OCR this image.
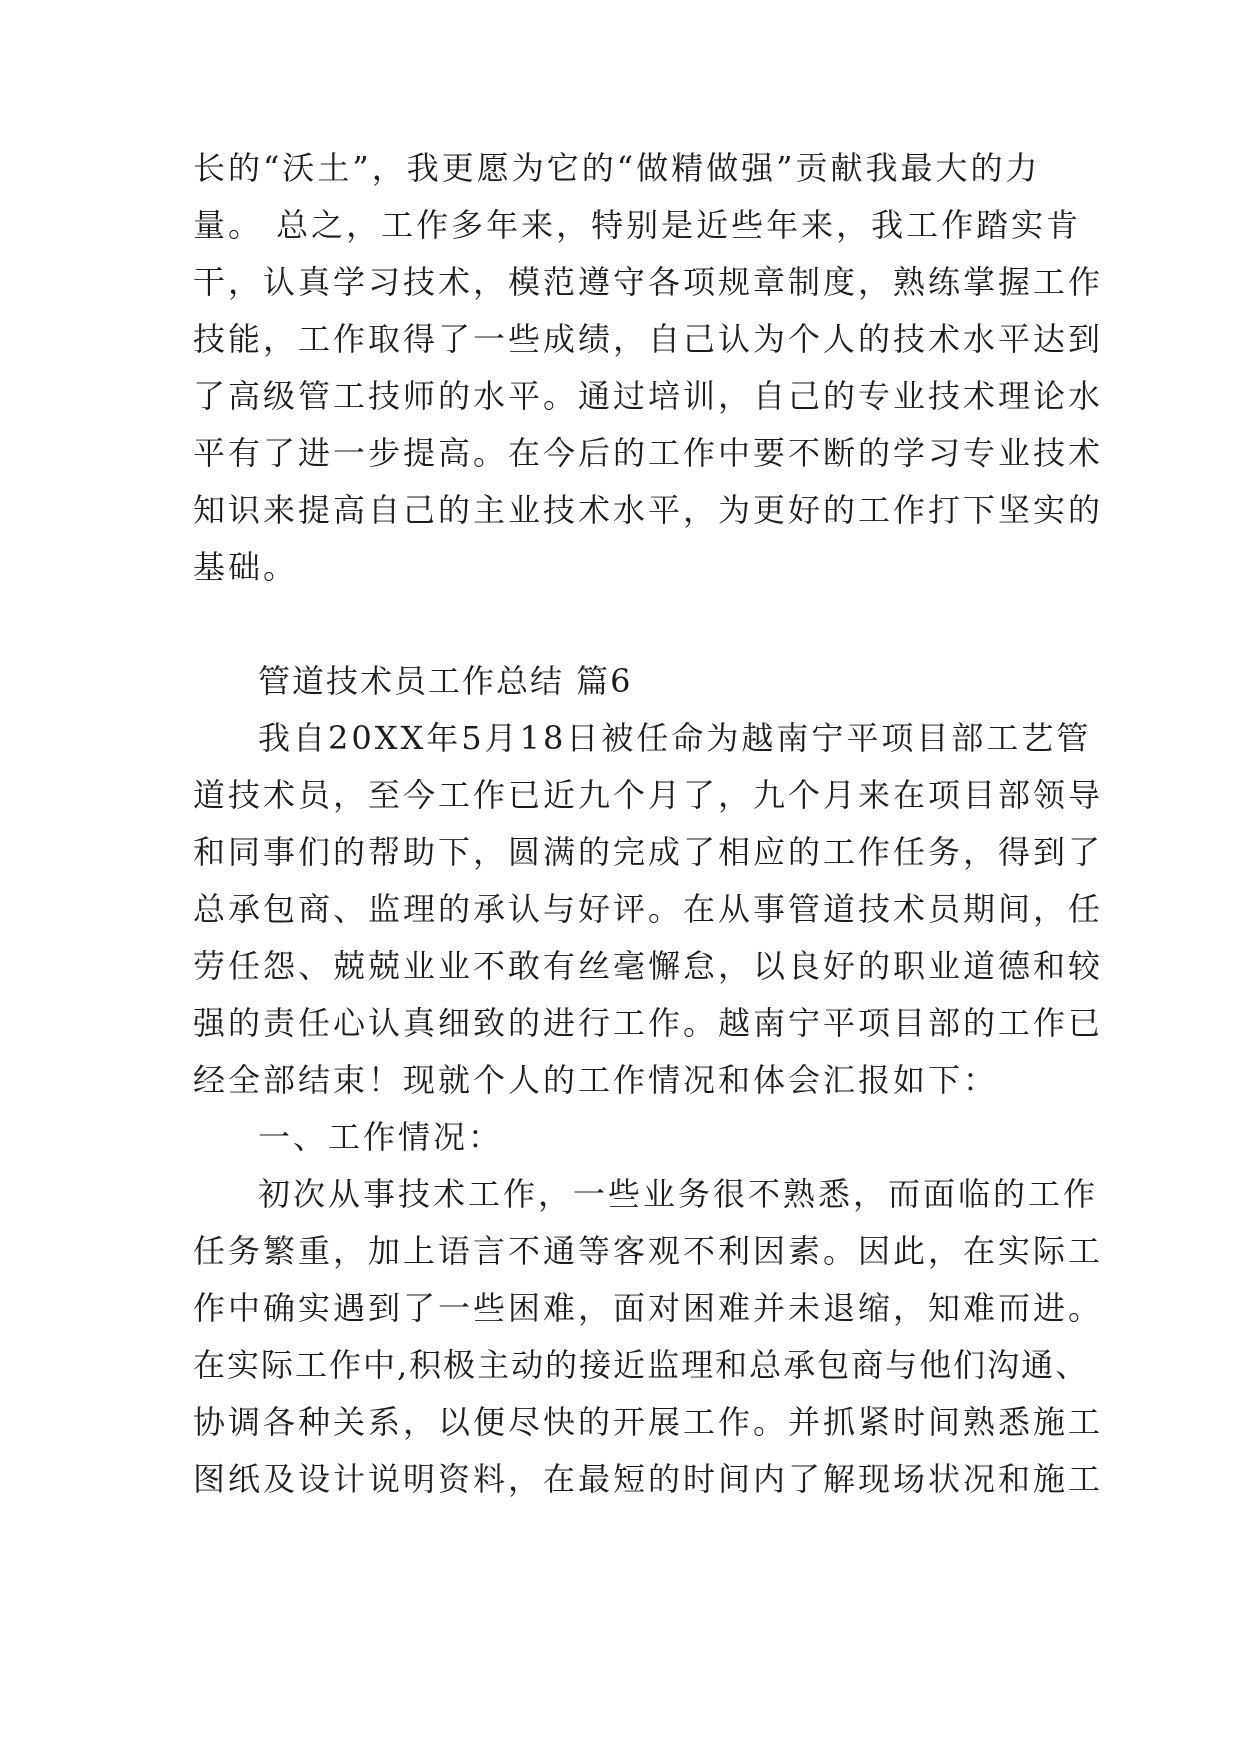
长的“沃土”，我更愿为它的“做精做强”贡献我最大的力
量。 总之，工作多年来，特别是近些年来，我工作踏实肯
干，认真学习技术，模范遵守各项规章制度，熟练掌握工作
技能，工作取得了一些成绩，自己认为个人的技术水平达到
了高级管工技师的水平。通过培训，自己的专业技术理论水
平有了进一步提高。在今后的工作中要不断的学习专业技术
知识来提高自己的主业技术水平，为更好的工作打下坚实的
基础。
管道技术员工作总结 篇6
我自20XX年5月18日被任命为越南宁平项目部工艺管
道技术员，至今工作已近九个月了，九个月来在项目部领导
和同事们的帮助下，圆满的完成了相应的工作任务，得到了
总承包商、监理的承认与好评。在从事管道技术员期间，任
劳任怨、兢兢业业不敢有丝毫懈怠，以良好的职业道德和较
强的责任心认真细致的进行工作。越南宁平项目部的工作已
经全部结束！现就个人的工作情况和体会汇报如下：
一、工作情况：
初次从事技术工作，一些业务很不熟悉，而面临的工作
任务繁重，加上语言不通等客观不利因素。因此，在实际工
作中确实遇到了一些困难，面对困难并未退缩，知难而进。
在实际工作中,积极主动的接近监理和总承包商与他们沟通、
协调各种关系，以便尽快的开展工作。并抓紧时间熟悉施工
图纸及设计说明资料，在最短的时间内了解现场状况和施工
